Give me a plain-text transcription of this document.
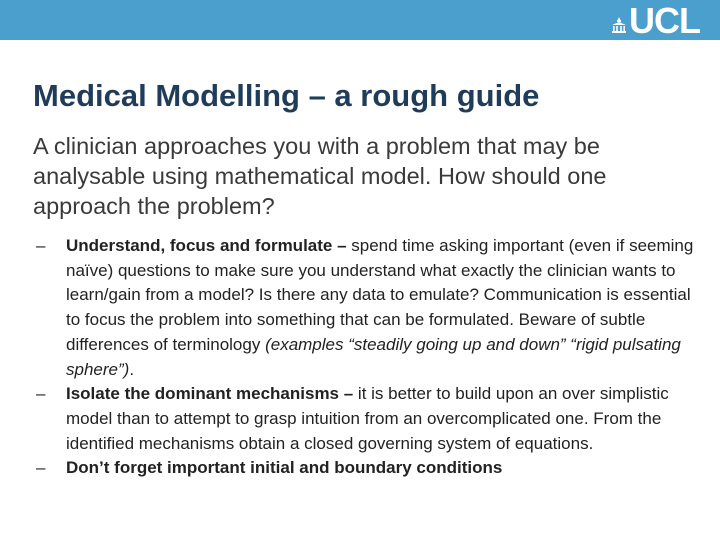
UCL
Medical Modelling – a rough guide

A clinician approaches you with a problem that may be analysable using mathematical model. How should one approach the problem?

– Understand, focus and formulate – spend time asking important (even if seeming naïve) questions to make sure you understand what exactly the clinician wants to learn/gain from a model? Is there any data to emulate? Communication is essential to focus the problem into something that can be formulated. Beware of subtle differences of terminology (examples “steadily going up and down” “rigid pulsating sphere”).
– Isolate the dominant mechanisms – it is better to build upon an over simplistic model than to attempt to grasp intuition from an overcomplicated one. From the identified mechanisms obtain a closed governing system of equations.
– Don’t forget important initial and boundary conditions
